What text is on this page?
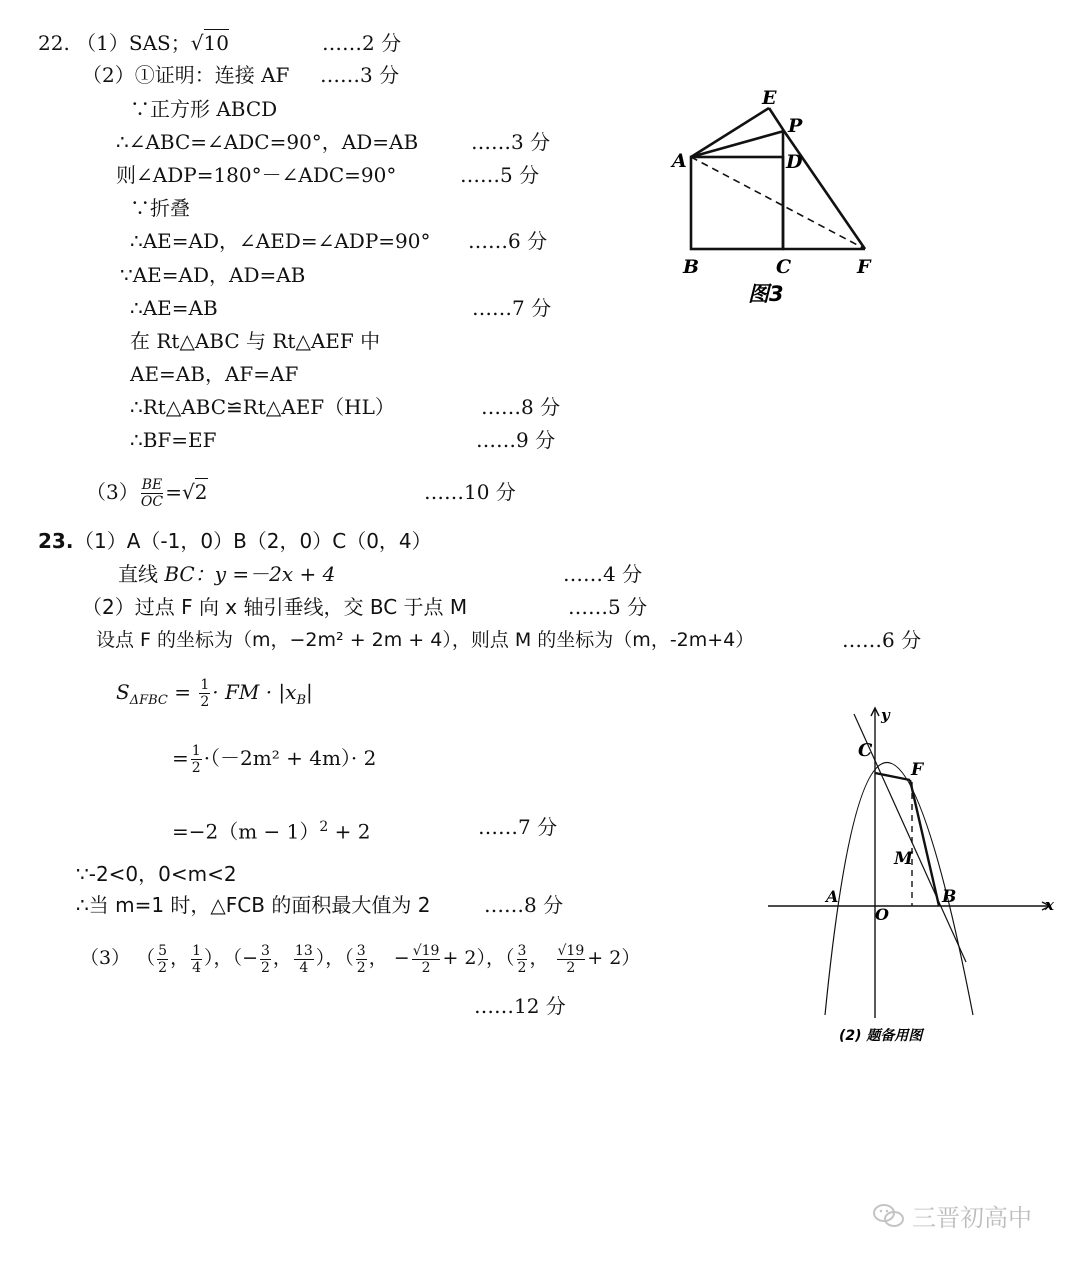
22. （1）SAS；√10	……2 分
（2）①证明：连接 AF ……3 分
∵正方形 ABCD
∴∠ABC=∠ADC=90°，AD=AB	……3 分
则∠ADP=180°－∠ADC=90°	……5 分
∵折叠
∴AE=AD，∠AED=∠ADP=90° ……6 分
∵AE=AD，AD=AB
∴AE=AB	……7 分
在 Rt△ABC 与 Rt△AEF 中
AE=AB，AF=AF
∴Rt△ABC≌Rt△AEF（HL）	……8 分
∴BF=EF	……9 分
$(3) \frac{BE}{OC} =√2$	……10 分
E
P
A	D
B	C	F
图3
23. （1）A（-1，0）B（2，0）C（0，4）
直线 BC：y =－2x + 4	……4 分
（2）过点 F 向 x 轴引垂线，交 BC 于点 M	……5 分
设点 F 的坐标为（m，−2m² + 2m + 4），则点 M 的坐标为（m，-2m+4）	……6 分
$S_{\Delta FBC} = \frac{1}{2}$ · FM · $|x_B|$
= $\frac{1}{2} \cdot(-2m^2 + 4m)\cdot 2$
$=-2(m - 1)^2 + 2$	……7 分
∵-2<0，0<m<2
∴当 m=1 时，△FCB 的面积最大值为 2	……8 分
（3） （ $\frac{5}{2}$ ， $\frac{1}{4}$ ），（− $\frac{3}{2}$ ， $\frac{13}{4}$ ），（ $\frac{3}{2}$ ， − $\frac{√19}{2} + 2$），（ $\frac{3}{2}$ ， $\frac{√19}{2} + 2$）
……12 分
y
x
C
F
M
A
O
B
(2) 题备用图
三晋初高中
